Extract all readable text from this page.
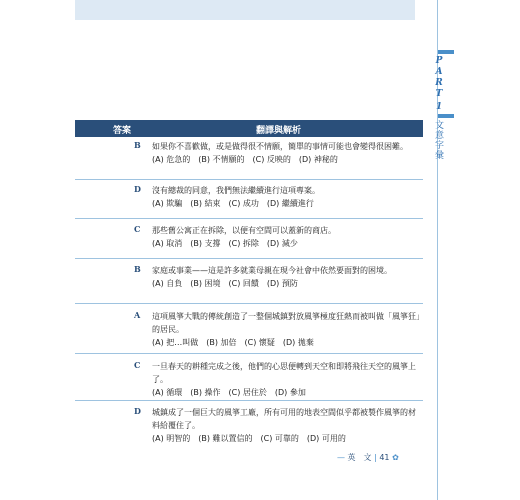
PART
1
文意字彙
答案	翻譯與解析
B 如果你不喜歡做，或是做得很不情願，簡單的事情可能也會變得很困難。
(A) 危急的　(B) 不情願的　(C) 反映的　(D) 神秘的
D 沒有總裁的同意，我們無法繼續進行這項專案。
(A) 欺騙　(B) 結束　(C) 成功　(D) 繼續進行
C 那些舊公寓正在拆除，以便有空間可以蓋新的商店。
(A) 取消　(B) 支撐　(C) 拆除　(D) 減少
B 家庭或事業——這是許多就業母親在現今社會中依然要面對的困境。
(A) 自負　(B) 困境　(C) 回饋　(D) 預防
A 這項風箏大戰的傳統創造了一整個城鎮對放風箏極度狂熱而被叫做「風箏狂」的居民。
(A) 把…叫做　(B) 加倍　(C) 懷疑　(D) 拋棄
C 一旦春天的耕種完成之後，他們的心思便轉到天空和即將飛往天空的風箏上了。
(A) 循環　(B) 操作　(C) 居住於　(D) 參加
D 城鎮成了一個巨大的風箏工廠，所有可用的地表空間似乎都被製作風箏的材料給覆住了。
(A) 明智的　(B) 難以置信的　(C) 可靠的　(D) 可用的
— 英　文 | 41 ✿
